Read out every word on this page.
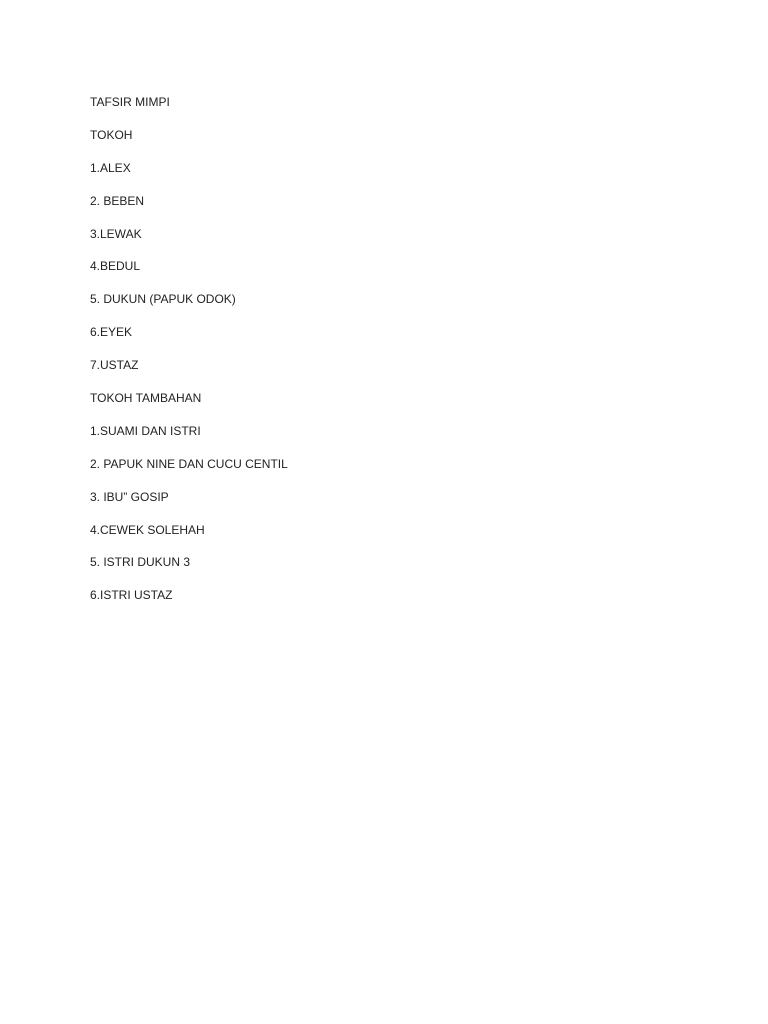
TAFSIR MIMPI
TOKOH
1.ALEX
2. BEBEN
3.LEWAK
4.BEDUL
5. DUKUN (PAPUK ODOK)
6.EYEK
7.USTAZ
TOKOH TAMBAHAN
1.SUAMI DAN ISTRI
2. PAPUK NINE DAN CUCU CENTIL
3. IBU” GOSIP
4.CEWEK SOLEHAH
5. ISTRI DUKUN 3
6.ISTRI USTAZ
